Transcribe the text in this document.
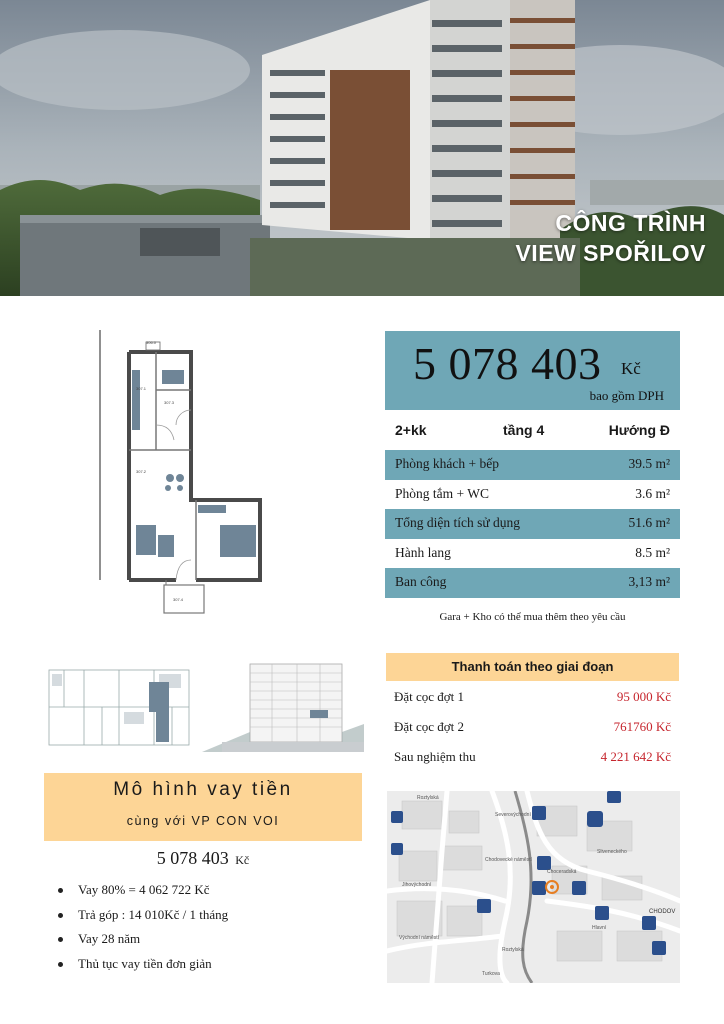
CÔNG TRÌNH
VIEW SPOŘILOV
306.0
307.1
307.3
307.2
307.4
5 078 403 Kč
bao gồm DPH
2+kk	tầng 4	Hướng Đ
Phòng khách + bếp	39.5 m²
Phòng tắm + WC	3.6 m²
Tổng diện tích sử dụng	51.6 m²
Hành lang	8.5 m²
Ban công	3,13 m²
Gara + Kho có thể mua thêm theo yêu cầu
Thanh toán theo giai đoạn
Đặt cọc đợt 1	95 000 Kč
Đặt cọc đợt 2	761760 Kč
Sau nghiệm thu	4 221 642 Kč
Mô hình vay tiền
cùng với VP CON VOI
5 078 403 Kč
Vay 80% = 4 062 722 Kč
Trả góp : 14 010Kč / 1 tháng
Vay 28 năm
Thủ tục vay tiền đơn giản
Roztylská
Chodovecké náměstí
Choceradská
Východní náměstí
Severovýchodní
Jihovýchodní
Turkova
Sliveneckého
Hlavní
Roztylská
CHODOV
